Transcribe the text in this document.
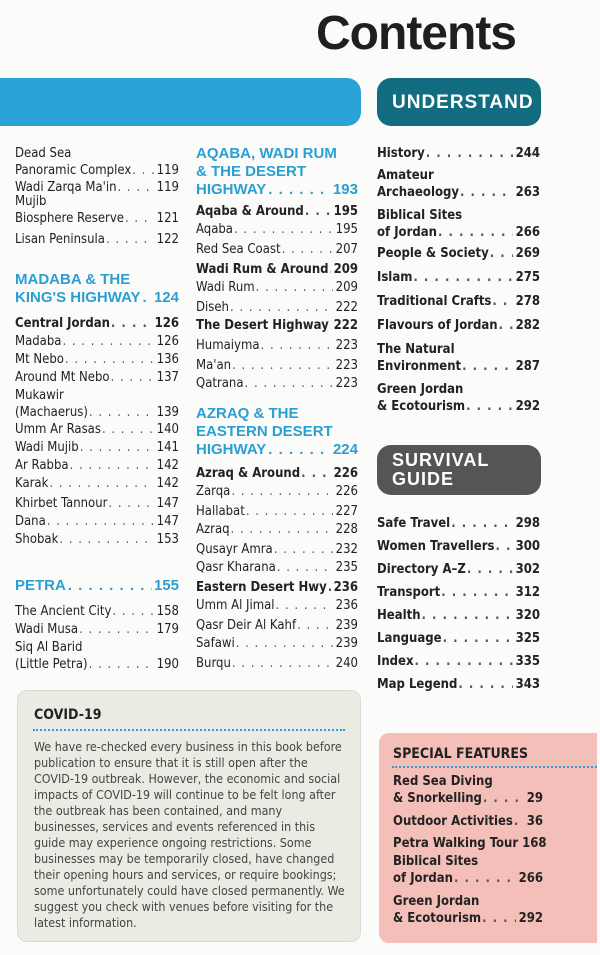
Contents
UNDERSTAND
SURVIVAL
GUIDE
Dead Sea
Panoramic Complex . . . 119
Wadi Zarqa Ma'in . . .	119
Mujib
Biosphere Reserve . . .	121
Lisan Peninsula . . .	122
Central Jordan . . .	126
Madaba . . .	126
Mt Nebo . . .	136
Around Mt Nebo . . .	137
Mukawir
(Machaerus) . . .	139
Umm Ar Rasas . . .	140
Wadi Mujib . . .	141
Ar Rabba . . .	142
Karak . . .	142
Khirbet Tannour . . .	147
Dana . . .	147
Shobak . . .	153
The Ancient City . . .	158
Wadi Musa . . .	179
Siq Al Barid
(Little Petra) . . .	190
MADABA & THE
KING'S HIGHWAY . . . 124
PETRA . . .	155
AQABA, WADI RUM
& THE DESERT
HIGHWAY . . .	193
AZRAQ & THE
EASTERN DESERT
HIGHWAY . . .	224
Aqaba & Around . . . 195
Aqaba . . .	195
Red Sea Coast . . .	207
Wadi Rum & Around . . . 209
Wadi Rum . . .	209
Diseh . . .	222
The Desert Highway . . . 222
Humaiyma . . .	223
Ma'an . . .	223
Qatrana . . .	223
Azraq & Around . . .	226
Zarqa . . .	226
Hallabat . . .	227
Azraq . . .	228
Qusayr Amra . . .	232
Qasr Kharana . . .	235
Eastern Desert Hwy . . . 236
Umm Al Jimal . . .	236
Qasr Deir Al Kahf . . .	239
Safawi . . .	239
Burqu . . .	240
History . . .	244
Amateur
Archaeology . . .	263
Biblical Sites
of Jordan . . .	266
People & Society . . . 269
Islam . . .	275
Traditional Crafts . . . 278
Flavours of Jordan . . . 282
The Natural
Environment . . .	287
Green Jordan
& Ecotourism . . .	292
Safe Travel . . .	298
Women Travellers . . . 300
Directory A–Z . . .	302
Transport . . .	312
Health . . .	320
Language . . .	325
Index . . .	335
Map Legend . . .	343
COVID-19
We have re-checked every business in this book before publication to ensure that it is still open after the COVID-19 outbreak. However, the economic and social impacts of COVID-19 will continue to be felt long after the outbreak has been contained, and many businesses, services and events referenced in this guide may experience ongoing restrictions. Some businesses may be temporarily closed, have changed their opening hours and services, or require bookings; some unfortunately could have closed permanently. We suggest you check with venues before visiting for the latest information.
SPECIAL FEATURES
Red Sea Diving
& Snorkelling . . .	29
Outdoor Activities . . . 36
Petra Walking Tour 168
Biblical Sites
of Jordan . . .	266
Green Jordan
& Ecotourism . . .	292
